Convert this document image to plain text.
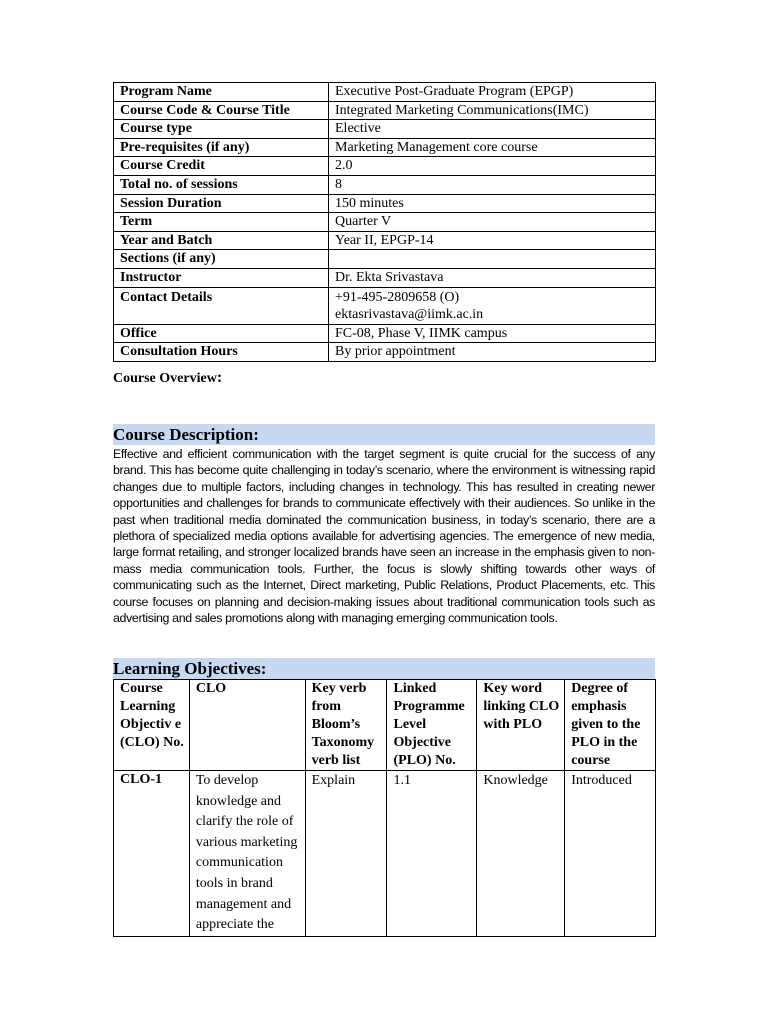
Program Name	Executive Post-Graduate Program (EPGP)
Course Code & Course Title	Integrated Marketing Communications(IMC)
Course type	Elective
Pre-requisites (if any)	Marketing Management core course
Course Credit	2.0
Total no. of sessions	8
Session Duration	150 minutes
Term	Quarter V
Year and Batch	Year II, EPGP-14
Sections (if any)	
Instructor	Dr. Ekta Srivastava
Contact Details	+91-495-2809658 (O)
ektasrivastava@iimk.ac.in

Office	FC-08, Phase V, IIMK campus
Consultation Hours	By prior appointment
Course Overview:
Course Description:
Effective and efficient communication with the target segment is quite crucial for the success of any brand. This has become quite challenging in today’s scenario, where the environment is witnessing rapid changes due to multiple factors, including changes in technology. This has resulted in creating newer opportunities and challenges for brands to communicate effectively with their audiences. So unlike in the past when traditional media dominated the communication business, in today’s scenario, there are a plethora of specialized media options available for advertising agencies. The emergence of new media, large format retailing, and stronger localized brands have seen an increase in the emphasis given to non-mass media communication tools. Further, the focus is slowly shifting towards other ways of communicating such as the Internet, Direct marketing, Public Relations, Product Placements, etc. This course focuses on planning and decision-making issues about traditional communication tools such as advertising and sales promotions along with managing emerging communication tools.
Learning Objectives:
Course Learning Objectiv e (CLO) No.	CLO	Key verb from Bloom’s Taxonomy verb list	Linked Programme Level Objective (PLO) No.	Key word linking CLO with PLO	Degree of emphasis given to the PLO in the course
CLO-1	To develop knowledge and clarify the role of various marketing communication tools in brand management and appreciate the	Explain	1.1	Knowledge	Introduced
